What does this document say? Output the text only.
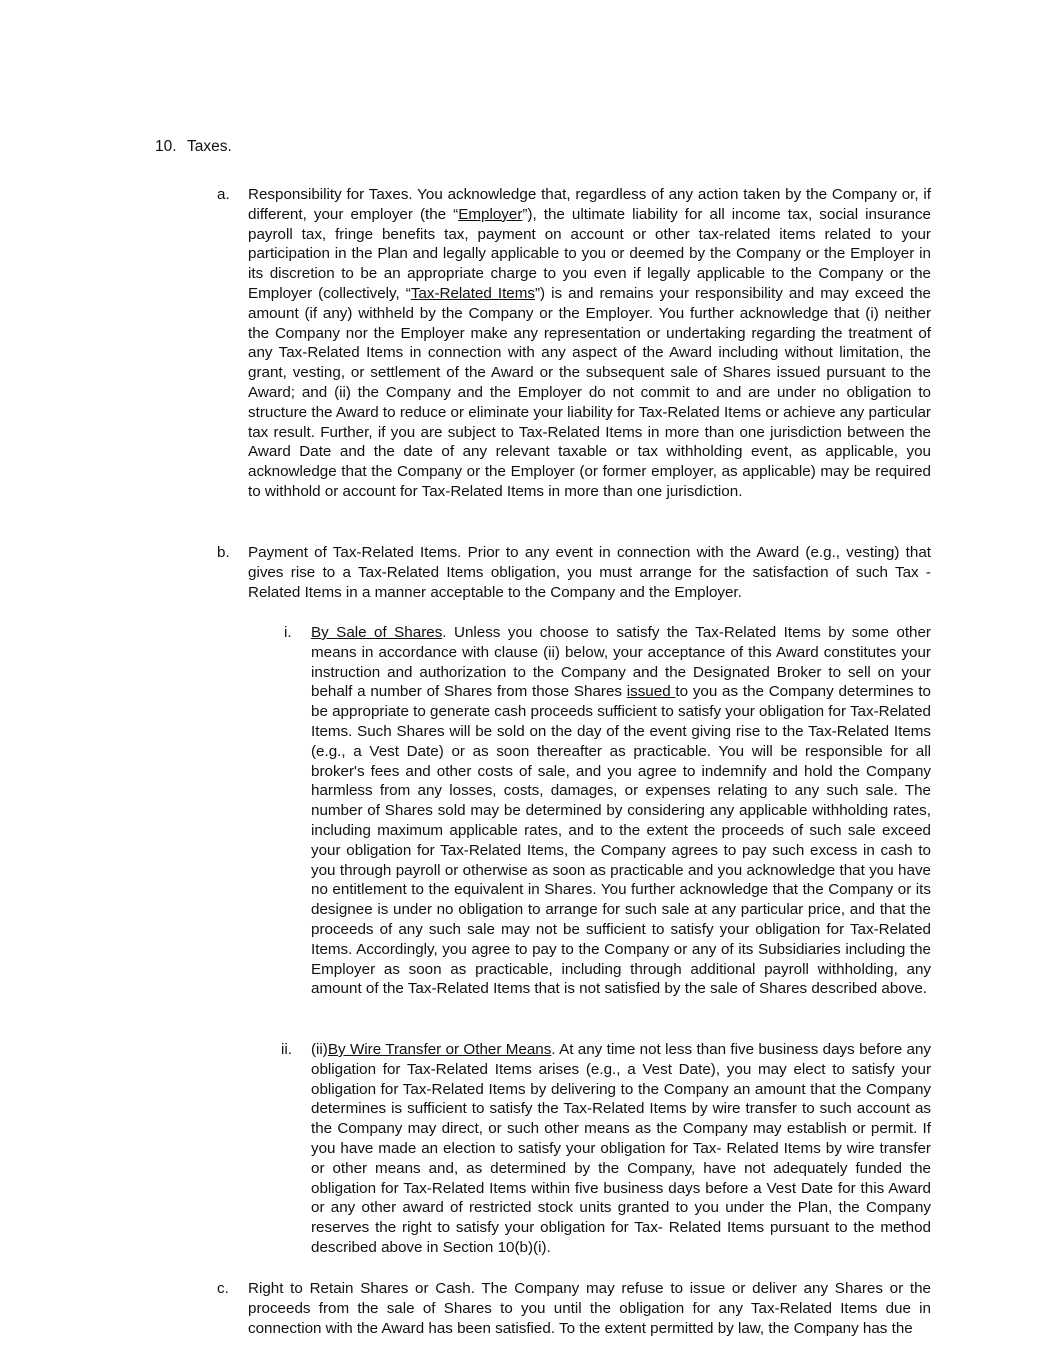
10. Taxes.
a. Responsibility for Taxes. You acknowledge that, regardless of any action taken by the Company or, if different, your employer (the “Employer”), the ultimate liability for all income tax, social insurance payroll tax, fringe benefits tax, payment on account or other tax-related items related to your participation in the Plan and legally applicable to you or deemed by the Company or the Employer in its discretion to be an appropriate charge to you even if legally applicable to the Company or the Employer (collectively, “Tax-Related Items”) is and remains your responsibility and may exceed the amount (if any) withheld by the Company or the Employer. You further acknowledge that (i) neither the Company nor the Employer make any representation or undertaking regarding the treatment of any Tax-Related Items in connection with any aspect of the Award including without limitation, the grant, vesting, or settlement of the Award or the subsequent sale of Shares issued pursuant to the Award; and (ii) the Company and the Employer do not commit to and are under no obligation to structure the Award to reduce or eliminate your liability for Tax-Related Items or achieve any particular tax result. Further, if you are subject to Tax-Related Items in more than one jurisdiction between the Award Date and the date of any relevant taxable or tax withholding event, as applicable, you acknowledge that the Company or the Employer (or former employer, as applicable) may be required to withhold or account for Tax-Related Items in more than one jurisdiction.
b. Payment of Tax-Related Items. Prior to any event in connection with the Award (e.g., vesting) that gives rise to a Tax-Related Items obligation, you must arrange for the satisfaction of such Tax -Related Items in a manner acceptable to the Company and the Employer.
i. By Sale of Shares. Unless you choose to satisfy the Tax-Related Items by some other means in accordance with clause (ii) below, your acceptance of this Award constitutes your instruction and authorization to the Company and the Designated Broker to sell on your behalf a number of Shares from those Shares issued to you as the Company determines to be appropriate to generate cash proceeds sufficient to satisfy your obligation for Tax-Related Items. Such Shares will be sold on the day of the event giving rise to the Tax-Related Items (e.g., a Vest Date) or as soon thereafter as practicable. You will be responsible for all broker's fees and other costs of sale, and you agree to indemnify and hold the Company harmless from any losses, costs, damages, or expenses relating to any such sale. The number of Shares sold may be determined by considering any applicable withholding rates, including maximum applicable rates, and to the extent the proceeds of such sale exceed your obligation for Tax-Related Items, the Company agrees to pay such excess in cash to you through payroll or otherwise as soon as practicable and you acknowledge that you have no entitlement to the equivalent in Shares. You further acknowledge that the Company or its designee is under no obligation to arrange for such sale at any particular price, and that the proceeds of any such sale may not be sufficient to satisfy your obligation for Tax-Related Items. Accordingly, you agree to pay to the Company or any of its Subsidiaries including the Employer as soon as practicable, including through additional payroll withholding, any amount of the Tax-Related Items that is not satisfied by the sale of Shares described above.
ii. (ii)By Wire Transfer or Other Means. At any time not less than five business days before any obligation for Tax-Related Items arises (e.g., a Vest Date), you may elect to satisfy your obligation for Tax-Related Items by delivering to the Company an amount that the Company determines is sufficient to satisfy the Tax-Related Items by wire transfer to such account as the Company may direct, or such other means as the Company may establish or permit. If you have made an election to satisfy your obligation for Tax- Related Items by wire transfer or other means and, as determined by the Company, have not adequately funded the obligation for Tax-Related Items within five business days before a Vest Date for this Award or any other award of restricted stock units granted to you under the Plan, the Company reserves the right to satisfy your obligation for Tax- Related Items pursuant to the method described above in Section 10(b)(i).
c. Right to Retain Shares or Cash. The Company may refuse to issue or deliver any Shares or the proceeds from the sale of Shares to you until the obligation for any Tax-Related Items due in connection with the Award has been satisfied. To the extent permitted by law, the Company has the
